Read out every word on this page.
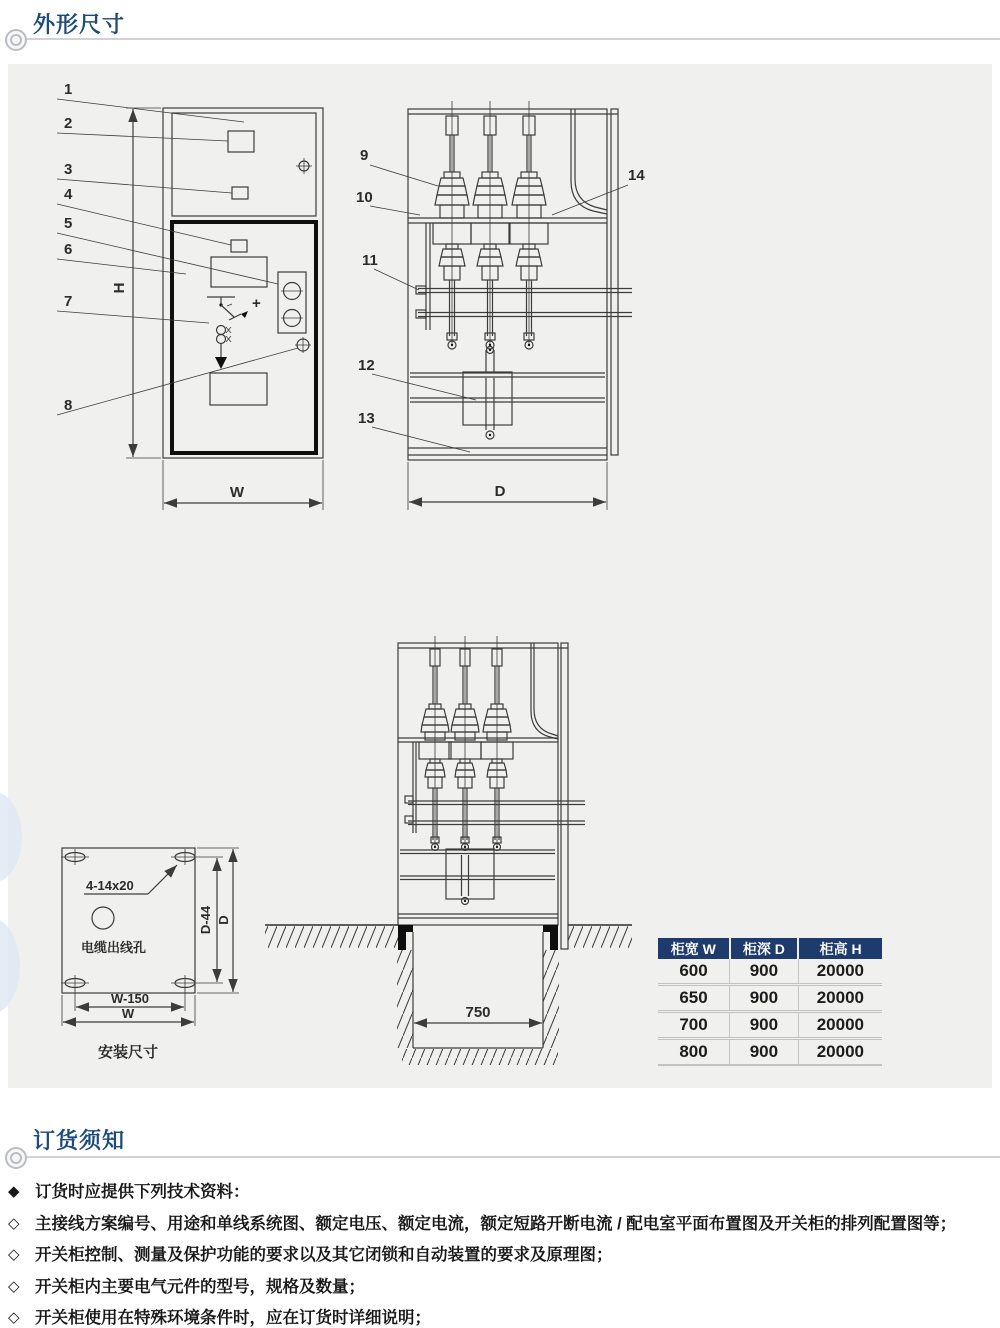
外形尺寸
+
H
W
1
2
3
4
5
6
7
8
D
9
10
11
12
13
14
750
4-14x20
电缆出线孔
D-44 D
W-150
W
安装尺寸
柜宽 W	柜深 D	柜高 H
600	900	20000
650	900	20000
700	900	20000
800	900	20000
订货须知
◆ 订货时应提供下列技术资料：
◇ 主接线方案编号、用途和单线系统图、额定电压、额定电流，额定短路开断电流 / 配电室平面布置图及开关柜的排列配置图等；
◇ 开关柜控制、测量及保护功能的要求以及其它闭锁和自动装置的要求及原理图；
◇ 开关柜内主要电气元件的型号，规格及数量；
◇ 开关柜使用在特殊环境条件时，应在订货时详细说明；
